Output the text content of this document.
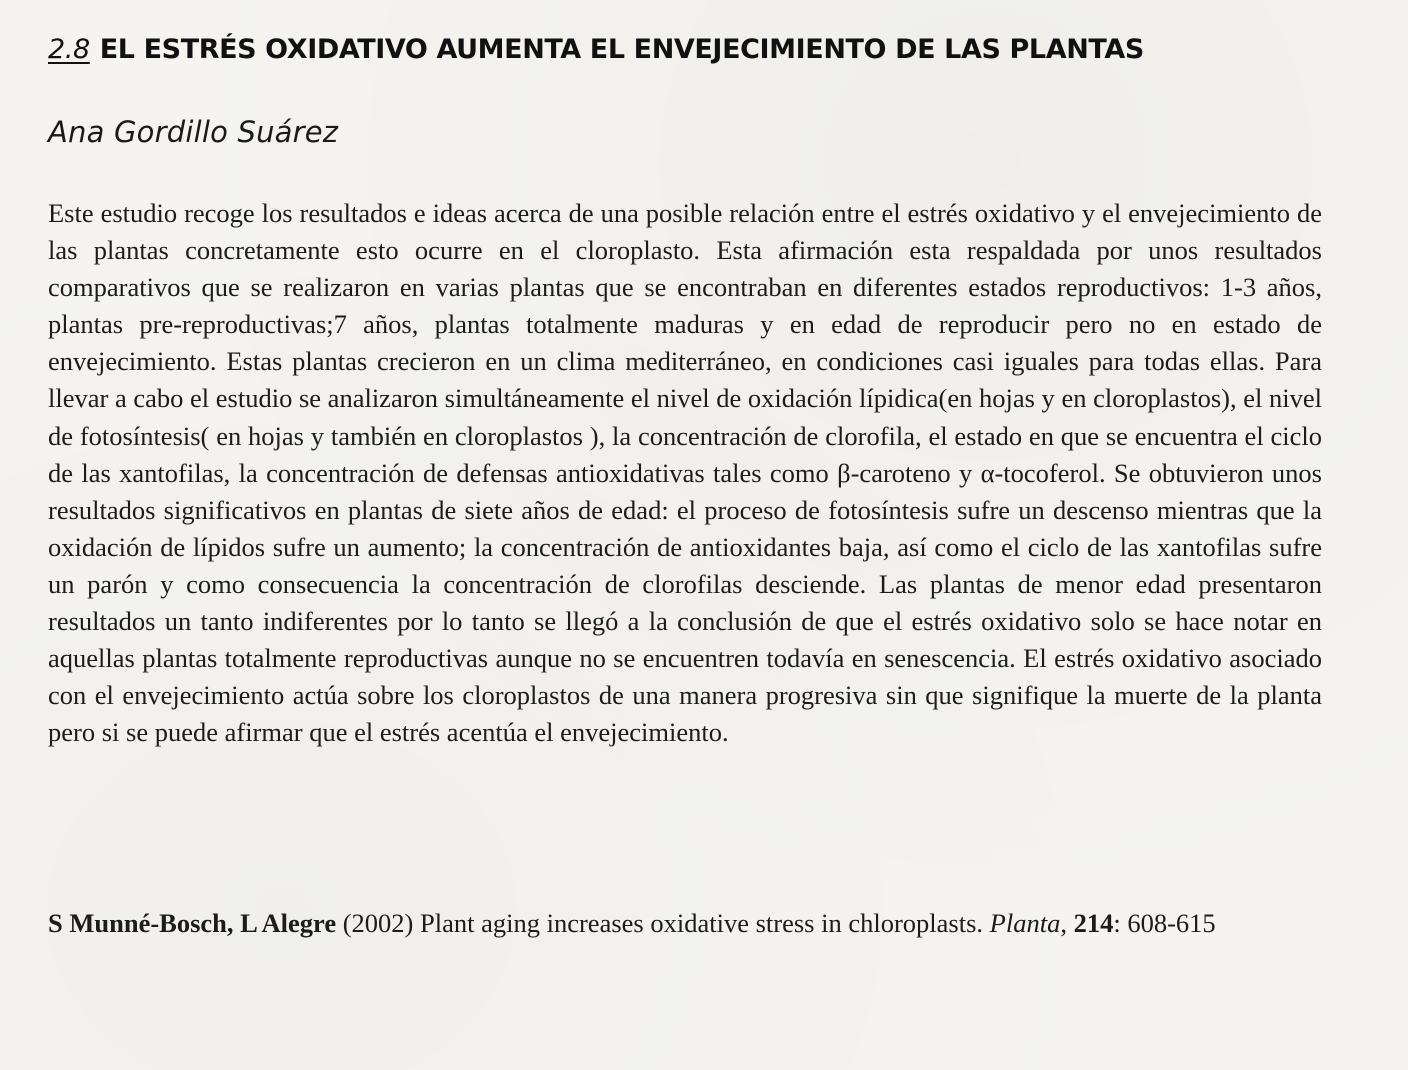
2.8 EL ESTRÉS OXIDATIVO AUMENTA EL ENVEJECIMIENTO DE LAS PLANTAS
Ana Gordillo Suárez

Este estudio recoge los resultados e ideas acerca de una posible relación entre el estrés oxidativo y el envejecimiento de las plantas concretamente esto ocurre en el cloroplasto. Esta afirmación esta respaldada por unos resultados comparativos que se realizaron en varias plantas que se encontraban en diferentes estados reproductivos: 1-3 años, plantas pre-reproductivas;7 años, plantas totalmente maduras y en edad de reproducir pero no en estado de envejecimiento. Estas plantas crecieron en un clima mediterráneo, en condiciones casi iguales para todas ellas. Para llevar a cabo el estudio se analizaron simultáneamente el nivel de oxidación lípidica(en hojas y en cloroplastos), el nivel de fotosíntesis( en hojas y también en cloroplastos ), la concentración de clorofila, el estado en que se encuentra el ciclo de las xantofilas, la concentración de defensas antioxidativas tales como β-caroteno y α-tocoferol. Se obtuvieron unos resultados significativos en plantas de siete años de edad: el proceso de fotosíntesis sufre un descenso mientras que la oxidación de lípidos sufre un aumento; la concentración de antioxidantes baja, así como el ciclo de las xantofilas sufre un parón y como consecuencia la concentración de clorofilas desciende. Las plantas de menor edad presentaron resultados un tanto indiferentes por lo tanto se llegó a la conclusión de que el estrés oxidativo solo se hace notar en aquellas plantas totalmente reproductivas aunque no se encuentren todavía en senescencia. El estrés oxidativo asociado con el envejecimiento actúa sobre los cloroplastos de una manera progresiva sin que signifique la muerte de la planta pero si se puede afirmar que el estrés acentúa el envejecimiento.

S Munné-Bosch, L Alegre (2002) Plant aging increases oxidative stress in chloroplasts. Planta, 214: 608-615
